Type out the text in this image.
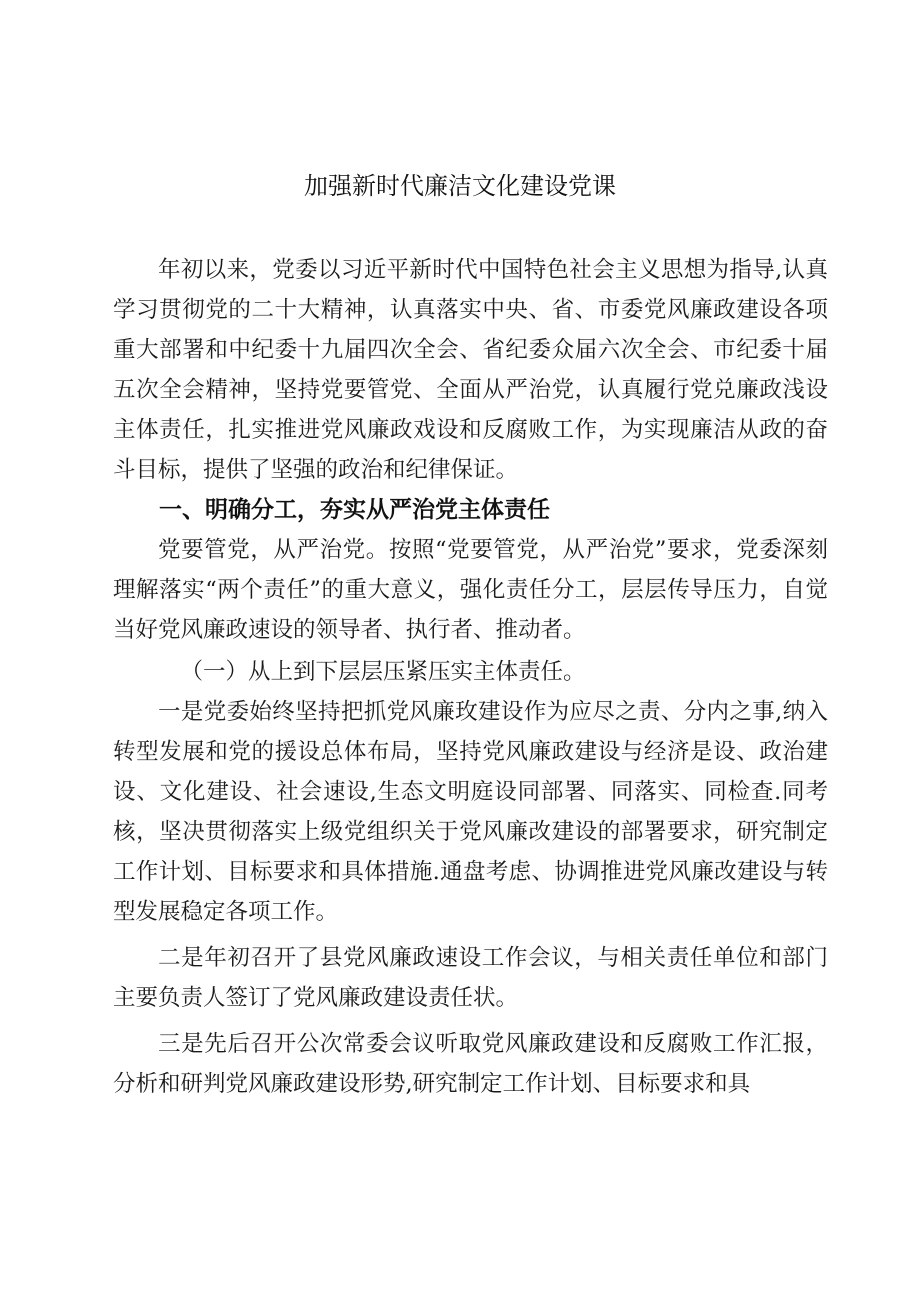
加强新时代廉洁文化建设党课

年初以来，党委以习近平新时代中国特色社会主义思想为指导,认真学习贯彻党的二十大精神，认真落实中央、省、市委党风廉政建设各项重大部署和中纪委十九届四次全会、省纪委众届六次全会、市纪委十届五次全会精神，坚持党要管党、全面从严治党，认真履行党兑廉政浅设主体责任，扎实推进党风廉政戏设和反腐败工作，为实现廉洁从政的奋斗目标，提供了坚强的政治和纪律保证。

一、明确分工，夯实从严治党主体责任

党要管党，从严治党。按照“党要管党，从严治党”要求，党委深刻理解落实“两个责任”的重大意义，强化责任分工，层层传导压力，自觉当好党风廉政速设的领导者、执行者、推动者。

（一）从上到下层层压紧压实主体责任。

一是党委始终坚持把抓党风廉玫建设作为应尽之责、分内之事,纳入转型发展和党的援设总体布局，坚持党风廉政建设与经济是设、政治建设、文化建设、社会速设,生态文明庭设同部署、同落实、同检查.同考核，坚决贯彻落实上级党组织关于党风廉改建设的部署要求，研究制定工作计划、目标要求和具体措施.通盘考虑、协调推进党风廉改建设与转型发展稳定各项工作。

二是年初召开了县党风廉政速设工作会议，与相关责任单位和部门主要负责人签订了党风廉政建设责任状。

三是先后召开公次常委会议听取党风廉政建设和反腐败工作汇报，分析和研判党风廉政建设形势,研究制定工作计划、目标要求和具
